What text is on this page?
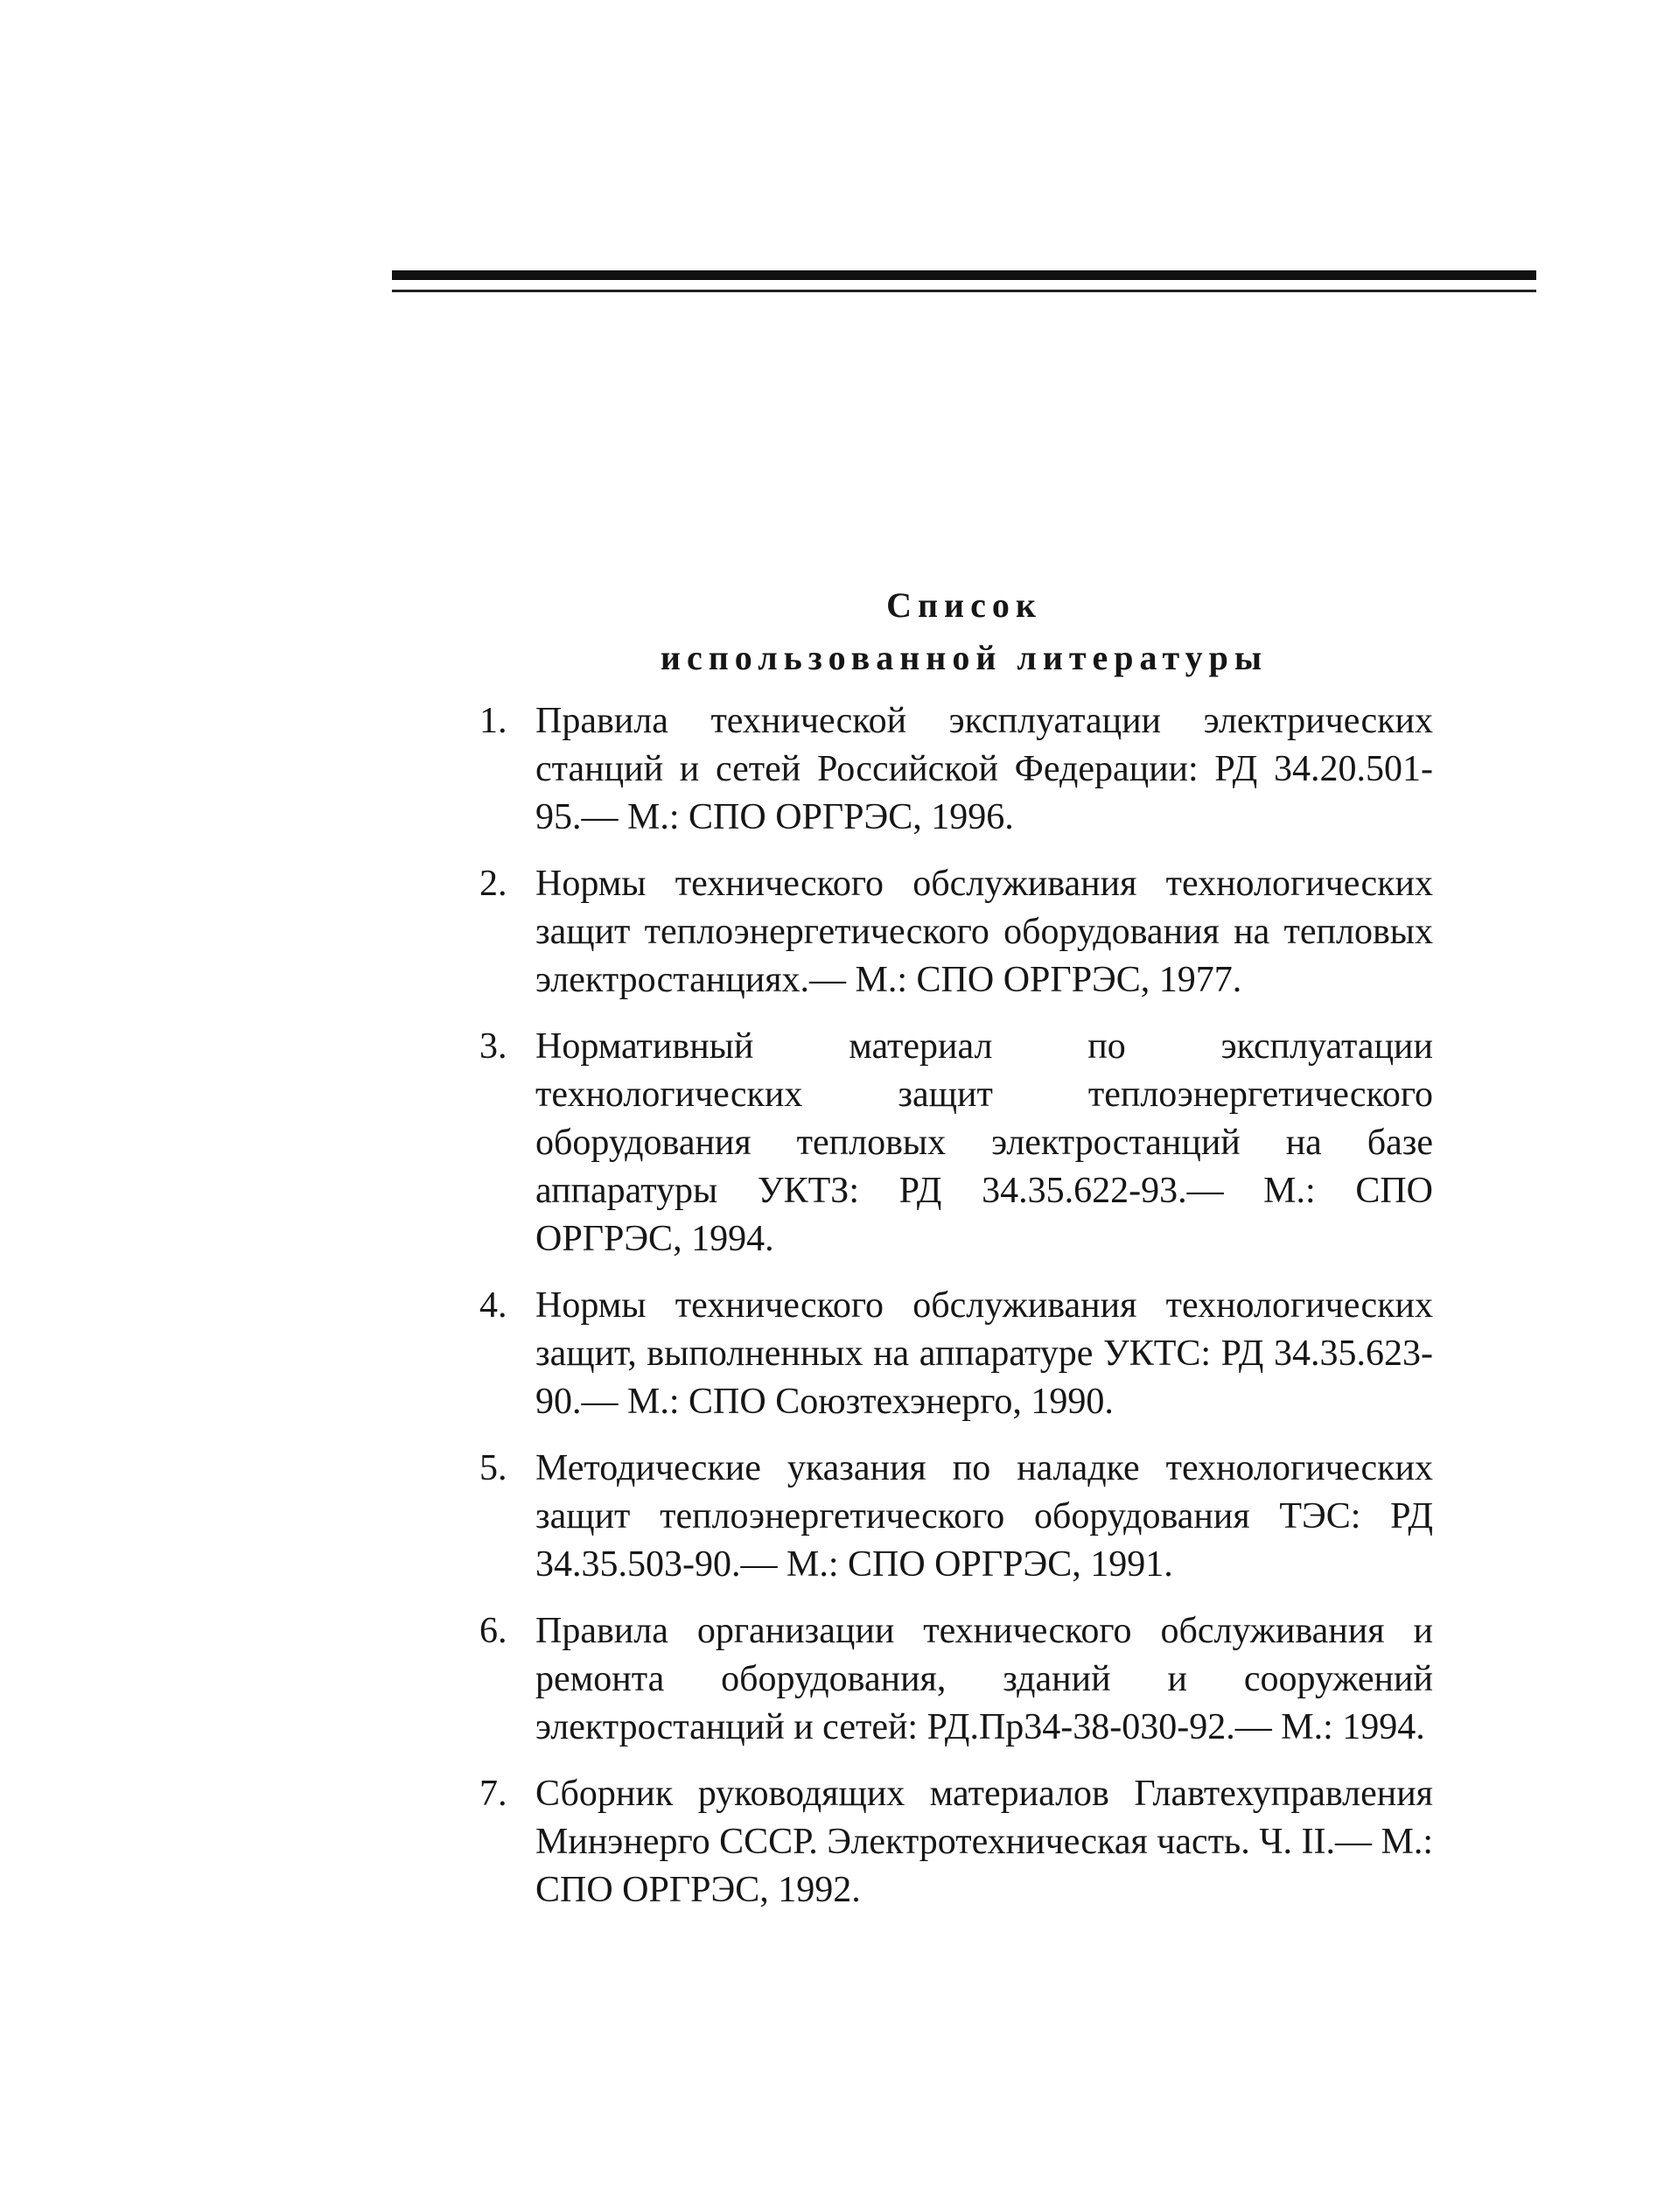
Список
использованной литературы
1. Правила технической эксплуатации электрических станций и сетей Российской Федерации: РД 34.20.501-95.— М.: СПО ОРГРЭС, 1996.
2. Нормы технического обслуживания технологических защит теплоэнергетического оборудования на тепловых электростанциях.— М.: СПО ОРГРЭС, 1977.
3. Нормативный материал по эксплуатации технологических защит теплоэнергетического оборудования тепловых электростанций на базе аппаратуры УКТЗ: РД 34.35.622-93.— М.: СПО ОРГРЭС, 1994.
4. Нормы технического обслуживания технологических защит, выполненных на аппаратуре УКТС: РД 34.35.623-90.— М.: СПО Союзтехэнерго, 1990.
5. Методические указания по наладке технологических защит теплоэнергетического оборудования ТЭС: РД 34.35.503-90.— М.: СПО ОРГРЭС, 1991.
6. Правила организации технического обслуживания и ремонта оборудования, зданий и сооружений электростанций и сетей: РД.Пр34-38-030-92.— М.: 1994.
7. Сборник руководящих материалов Главтехуправления Минэнерго СССР. Электротехническая часть. Ч. II.— М.: СПО ОРГРЭС, 1992.
